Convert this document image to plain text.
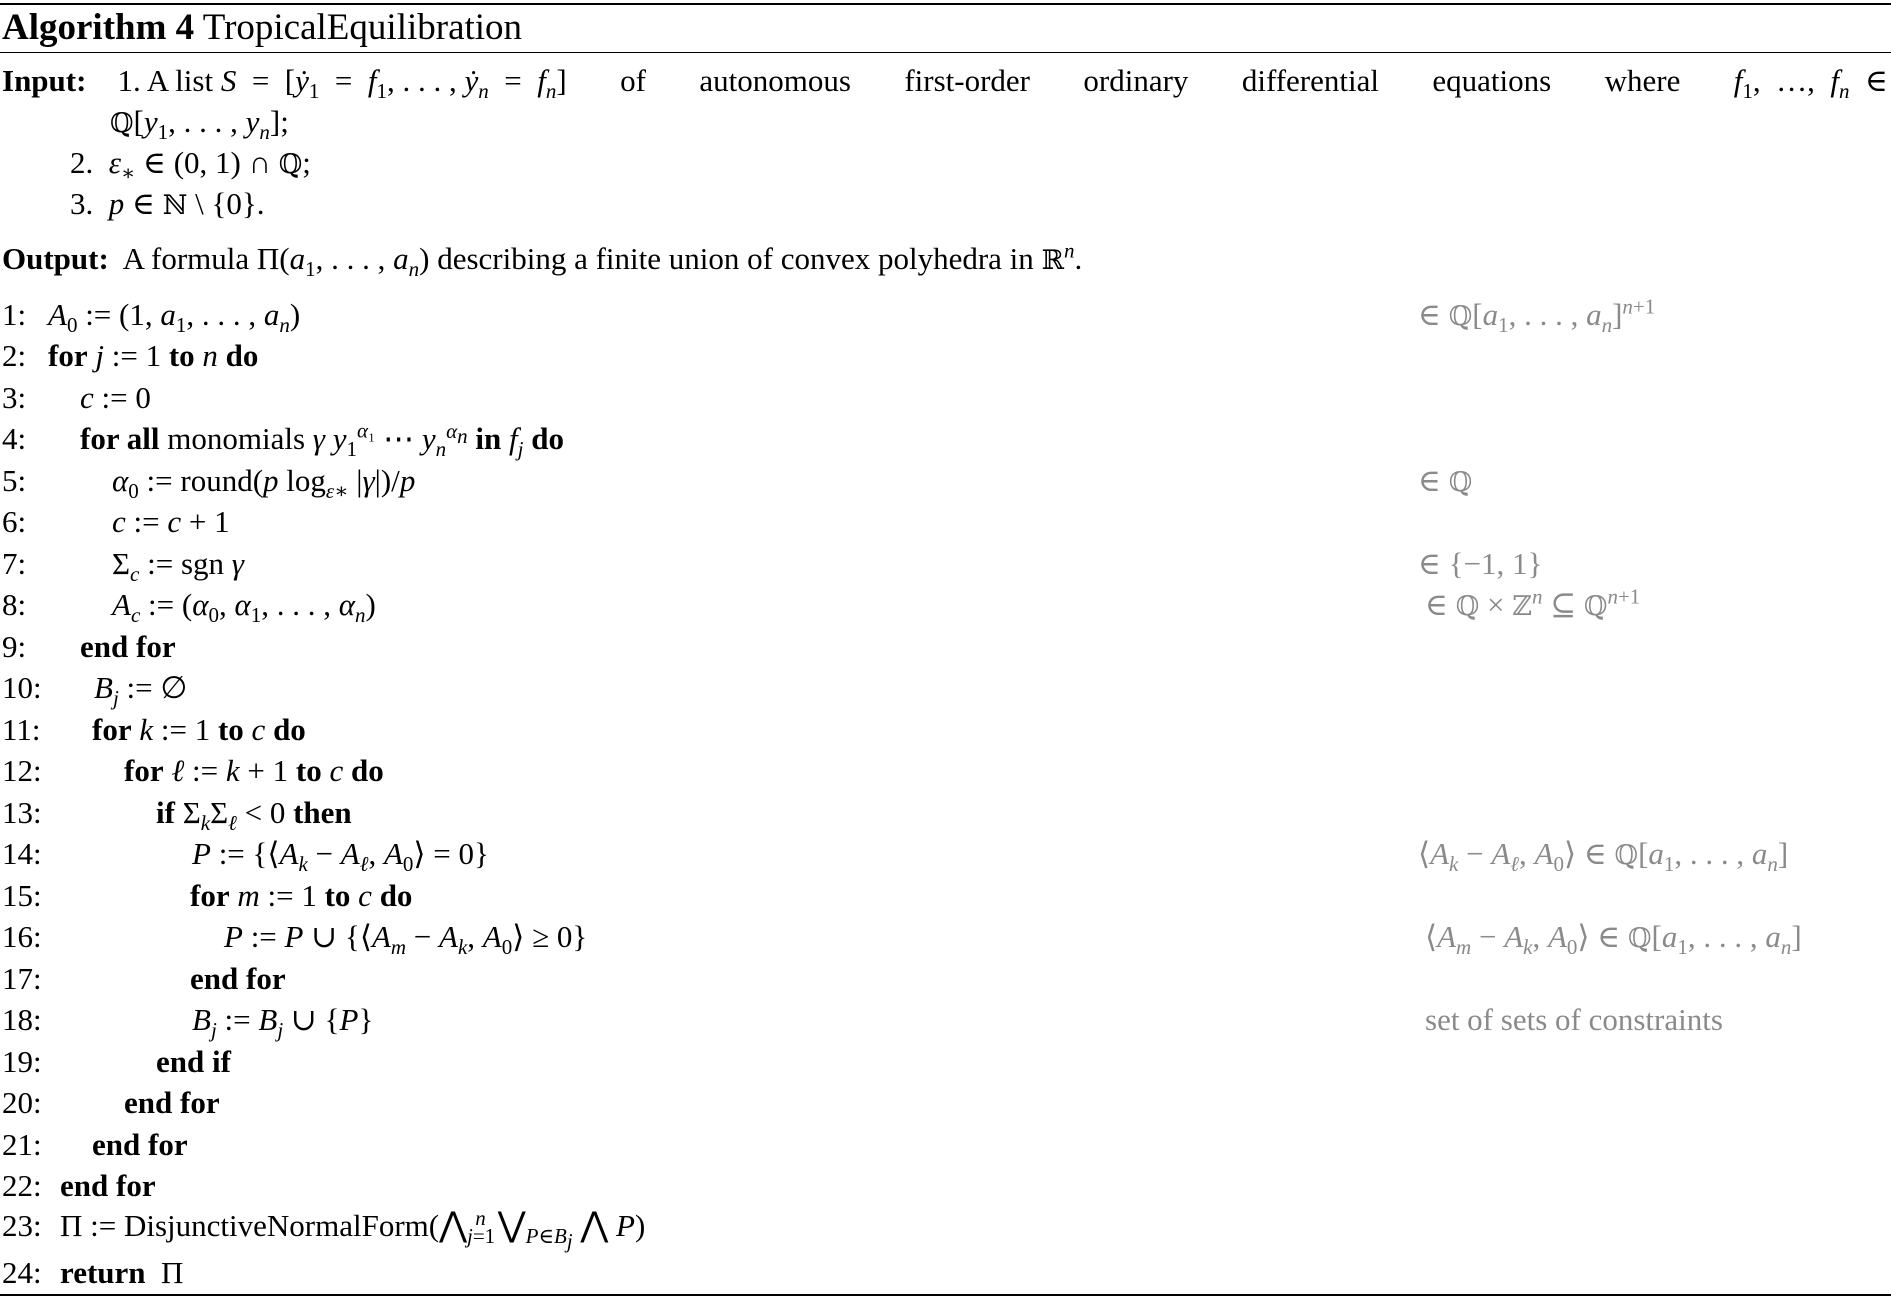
Algorithm 4 TropicalEquilibration
Input:    1. A list S  =  [ẏ$_1$  =  $f_1$, . . . , ẏ$_n$  =  $f_n$] of autonomous first-order ordinary differential equations where $f_1$,  …,  $f_n$  ∈
$ℚ[y_1$, . . . , $y_n$];
2.  $\varepsilon_∗$ ∈ (0, 1) ∩ ℚ;
3.  p ∈ ℕ \ {0}.
Output:  A formula $\Pi(a_1$, . . . , $a_n$) describing a finite union of convex polyhedra in ℝ$^n$.
1: $A_0$ := (1, $a_1$, . . . , $a_n$)	∈ $ℚ[a_1$, . . . , $a_n]^{n+1}$
2: for j := 1 to n do
3:	c := 0
4:	for all monomials γ $y_1^{\alpha_1}$ ⋯ $y_n^{\alpha_n}$ in $f_j$ do
5:	$\alpha_0$ := round(p $\log_{\varepsilon∗} |\gamma|)/p$	∈ ℚ
6:	c := c + 1
7:	$\Sigma_c$ := sgn γ	∈ {−1, 1}
8:	$A_c$ := ($\alpha_0$, $\alpha_1$, . . . , $\alpha_n$)	∈ ℚ × ℤ$^n$ ⊆ ℚ$^{n+1}$
9:	end for
10: $B_j$ := ∅
11:	for k := 1 to c do
12:	for ℓ := k + 1 to c do
13:	if $\Sigma_k\Sigma_\ell < 0$ then
14:	P := {$⟨A_k - A_\ell$, $A_0⟩ = 0$}	$⟨A_k - A_\ell$, $A_0⟩$ ∈ $ℚ[a_1$, . . . , $a_n$]
15:	for m := 1 to c do
16:	P := P ∪ {$⟨A_m - A_k$, $A_0⟩ \ge 0$}	$⟨A_m - A_k$, $A_0⟩$ ∈ $ℚ[a_1$, . . . , $a_n$]
17:	end for
18:	$B_j$ := $B_j$ ∪ {P}	set of sets of constraints
19:	end if
20:	end for
21: end for
22: end for
23: Π := $DisjunctiveNormalForm(⋀_{j=1}^n$ $⋁_{P\in B_j}$ ⋀ P)
24: return  Π
